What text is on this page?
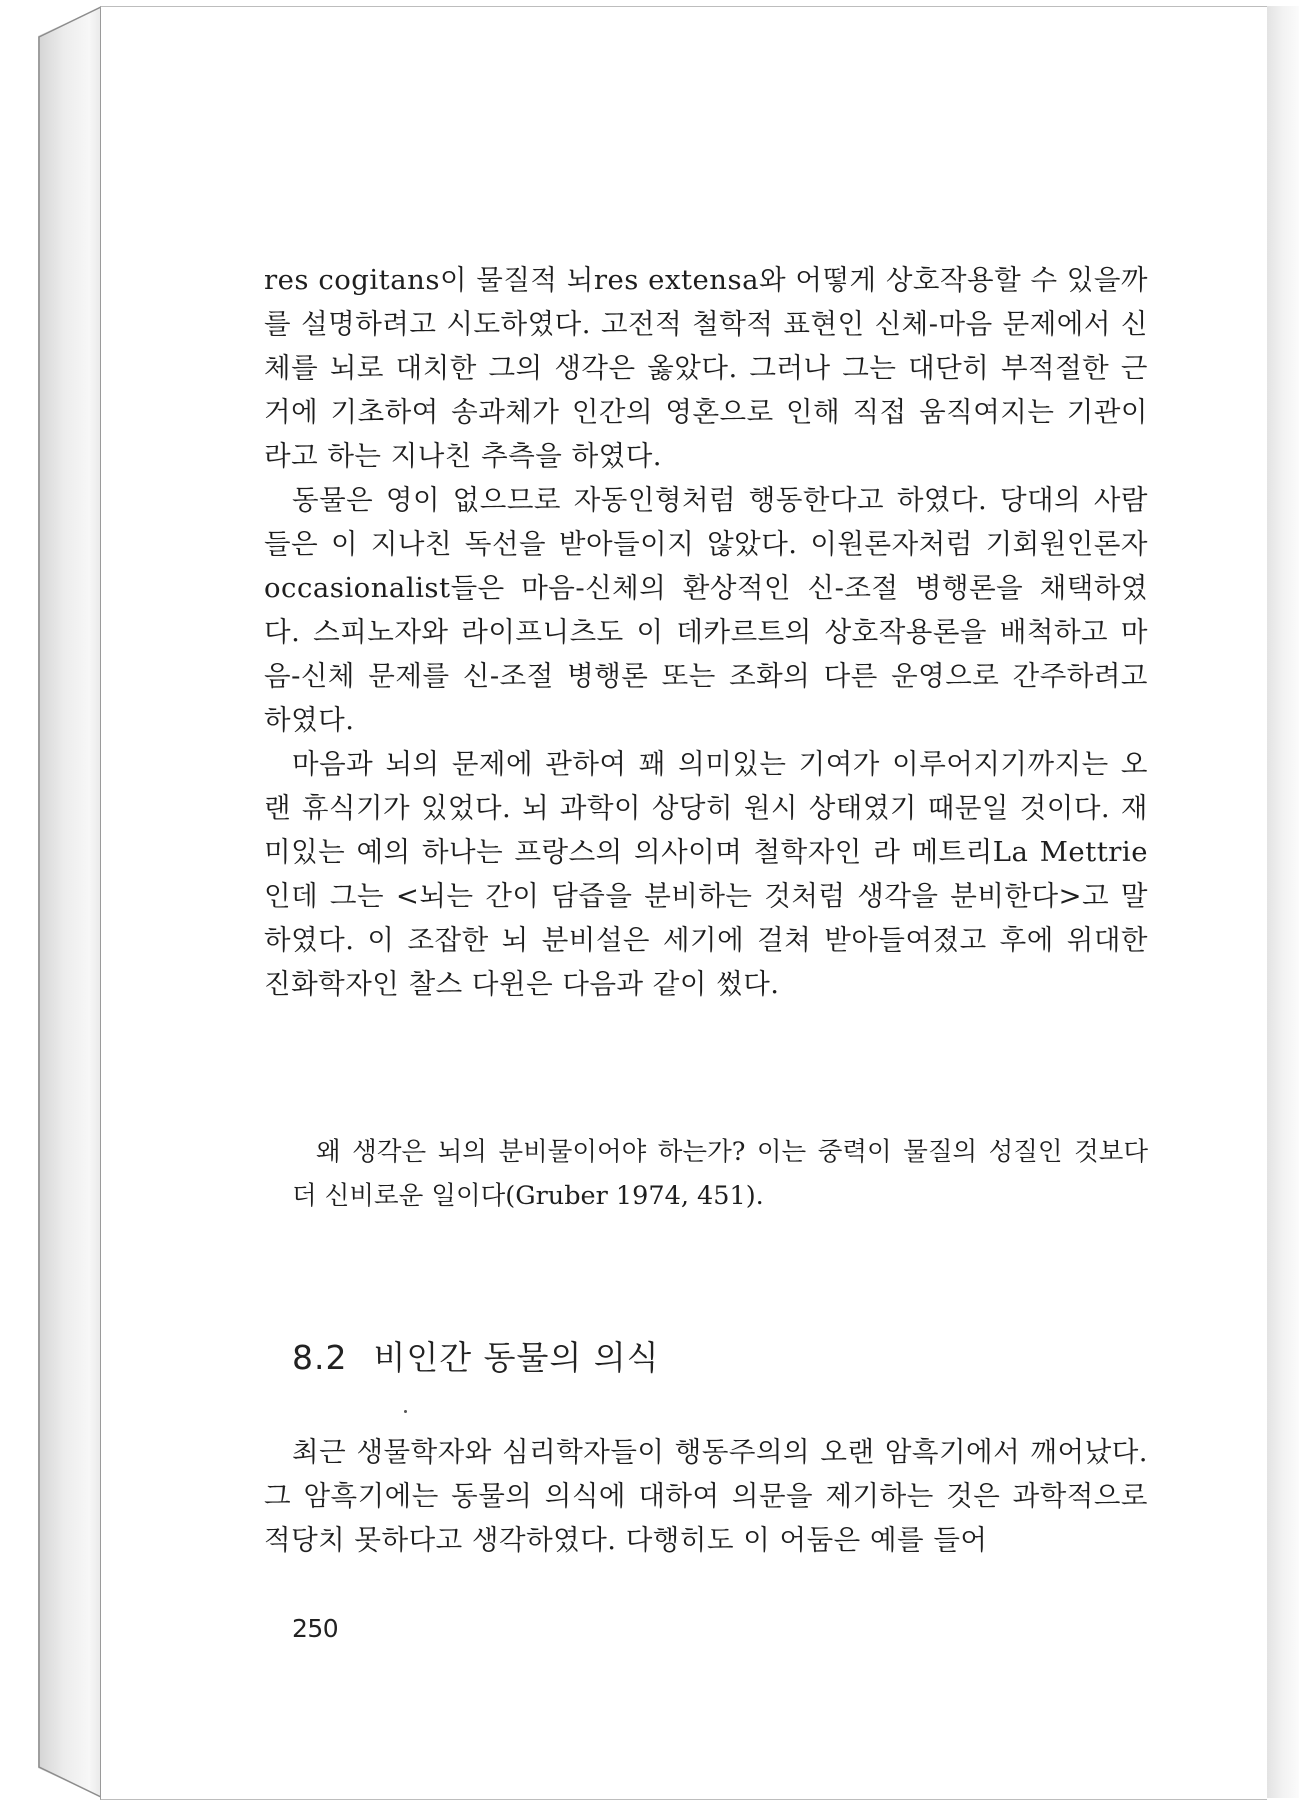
res cogitans이 물질적 뇌res extensa와 어떻게 상호작용할 수 있을까를 설명하려고 시도하였다. 고전적 철학적 표현인 신체-마음 문제에서 신체를 뇌로 대치한 그의 생각은 옳았다. 그러나 그는 대단히 부적절한 근거에 기초하여 송과체가 인간의 영혼으로 인해 직접 움직여지는 기관이라고 하는 지나친 추측을 하였다.

동물은 영이 없으므로 자동인형처럼 행동한다고 하였다. 당대의 사람들은 이 지나친 독선을 받아들이지 않았다. 이원론자처럼 기회원인론자occasionalist들은 마음-신체의 환상적인 신-조절 병행론을 채택하였다. 스피노자와 라이프니츠도 이 데카르트의 상호작용론을 배척하고 마음-신체 문제를 신-조절 병행론 또는 조화의 다른 운영으로 간주하려고 하였다.

마음과 뇌의 문제에 관하여 꽤 의미있는 기여가 이루어지기까지는 오랜 휴식기가 있었다. 뇌 과학이 상당히 원시 상태였기 때문일 것이다. 재미있는 예의 하나는 프랑스의 의사이며 철학자인 라 메트리La Mettrie인데 그는 <뇌는 간이 담즙을 분비하는 것처럼 생각을 분비한다>고 말하였다. 이 조잡한 뇌 분비설은 세기에 걸쳐 받아들여졌고 후에 위대한 진화학자인 찰스 다윈은 다음과 같이 썼다.

왜 생각은 뇌의 분비물이어야 하는가? 이는 중력이 물질의 성질인 것보다 더 신비로운 일이다(Gruber 1974, 451).
8.2 비인간 동물의 의식

최근 생물학자와 심리학자들이 행동주의의 오랜 암흑기에서 깨어났다. 그 암흑기에는 동물의 의식에 대하여 의문을 제기하는 것은 과학적으로 적당치 못하다고 생각하였다. 다행히도 이 어둠은 예를 들어

250
